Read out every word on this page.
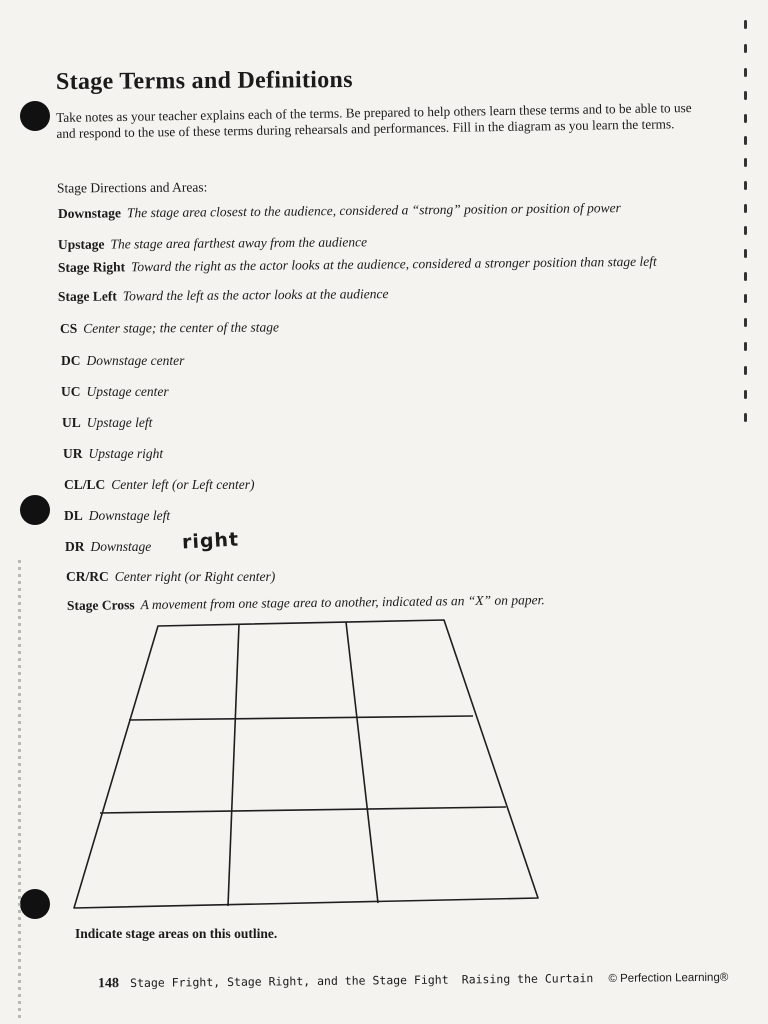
Stage Terms and Definitions
Take notes as your teacher explains each of the terms. Be prepared to help others learn these terms and to be able to use and respond to the use of these terms during rehearsals and performances. Fill in the diagram as you learn the terms.
Stage Directions and Areas:
Downstage The stage area closest to the audience, considered a “strong” position or position of power
Upstage The stage area farthest away from the audience
Stage Right Toward the right as the actor looks at the audience, considered a stronger position than stage left
Stage Left Toward the left as the actor looks at the audience
CS Center stage; the center of the stage
DC Downstage center
UC Upstage center
UL Upstage left
UR Upstage right
CL/LC Center left (or Left center)
DL Downstage left
DR Downstage right
CR/RC Center right (or Right center)
Stage Cross A movement from one stage area to another, indicated as an “X” on paper.
Indicate stage areas on this outline.
148 Stage Fright, Stage Right, and the Stage Fight Raising the Curtain © Perfection Learning®
